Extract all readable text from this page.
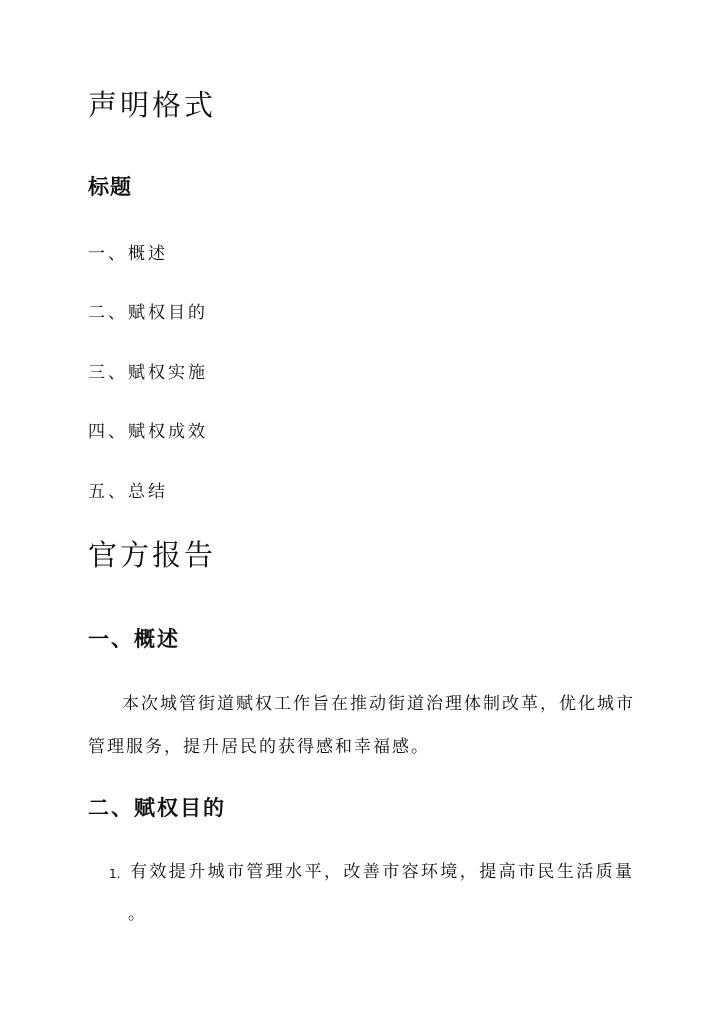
声明格式
标题

一、概述

二、赋权目的

三、赋权实施

四、赋权成效

五、总结

官方报告
一、概述

本次城管街道赋权工作旨在推动街道治理体制改革，优化城市

管理服务，提升居民的获得感和幸福感。

二、赋权目的
1. 有效提升城市管理水平，改善市容环境，提高市民生活质量

。
